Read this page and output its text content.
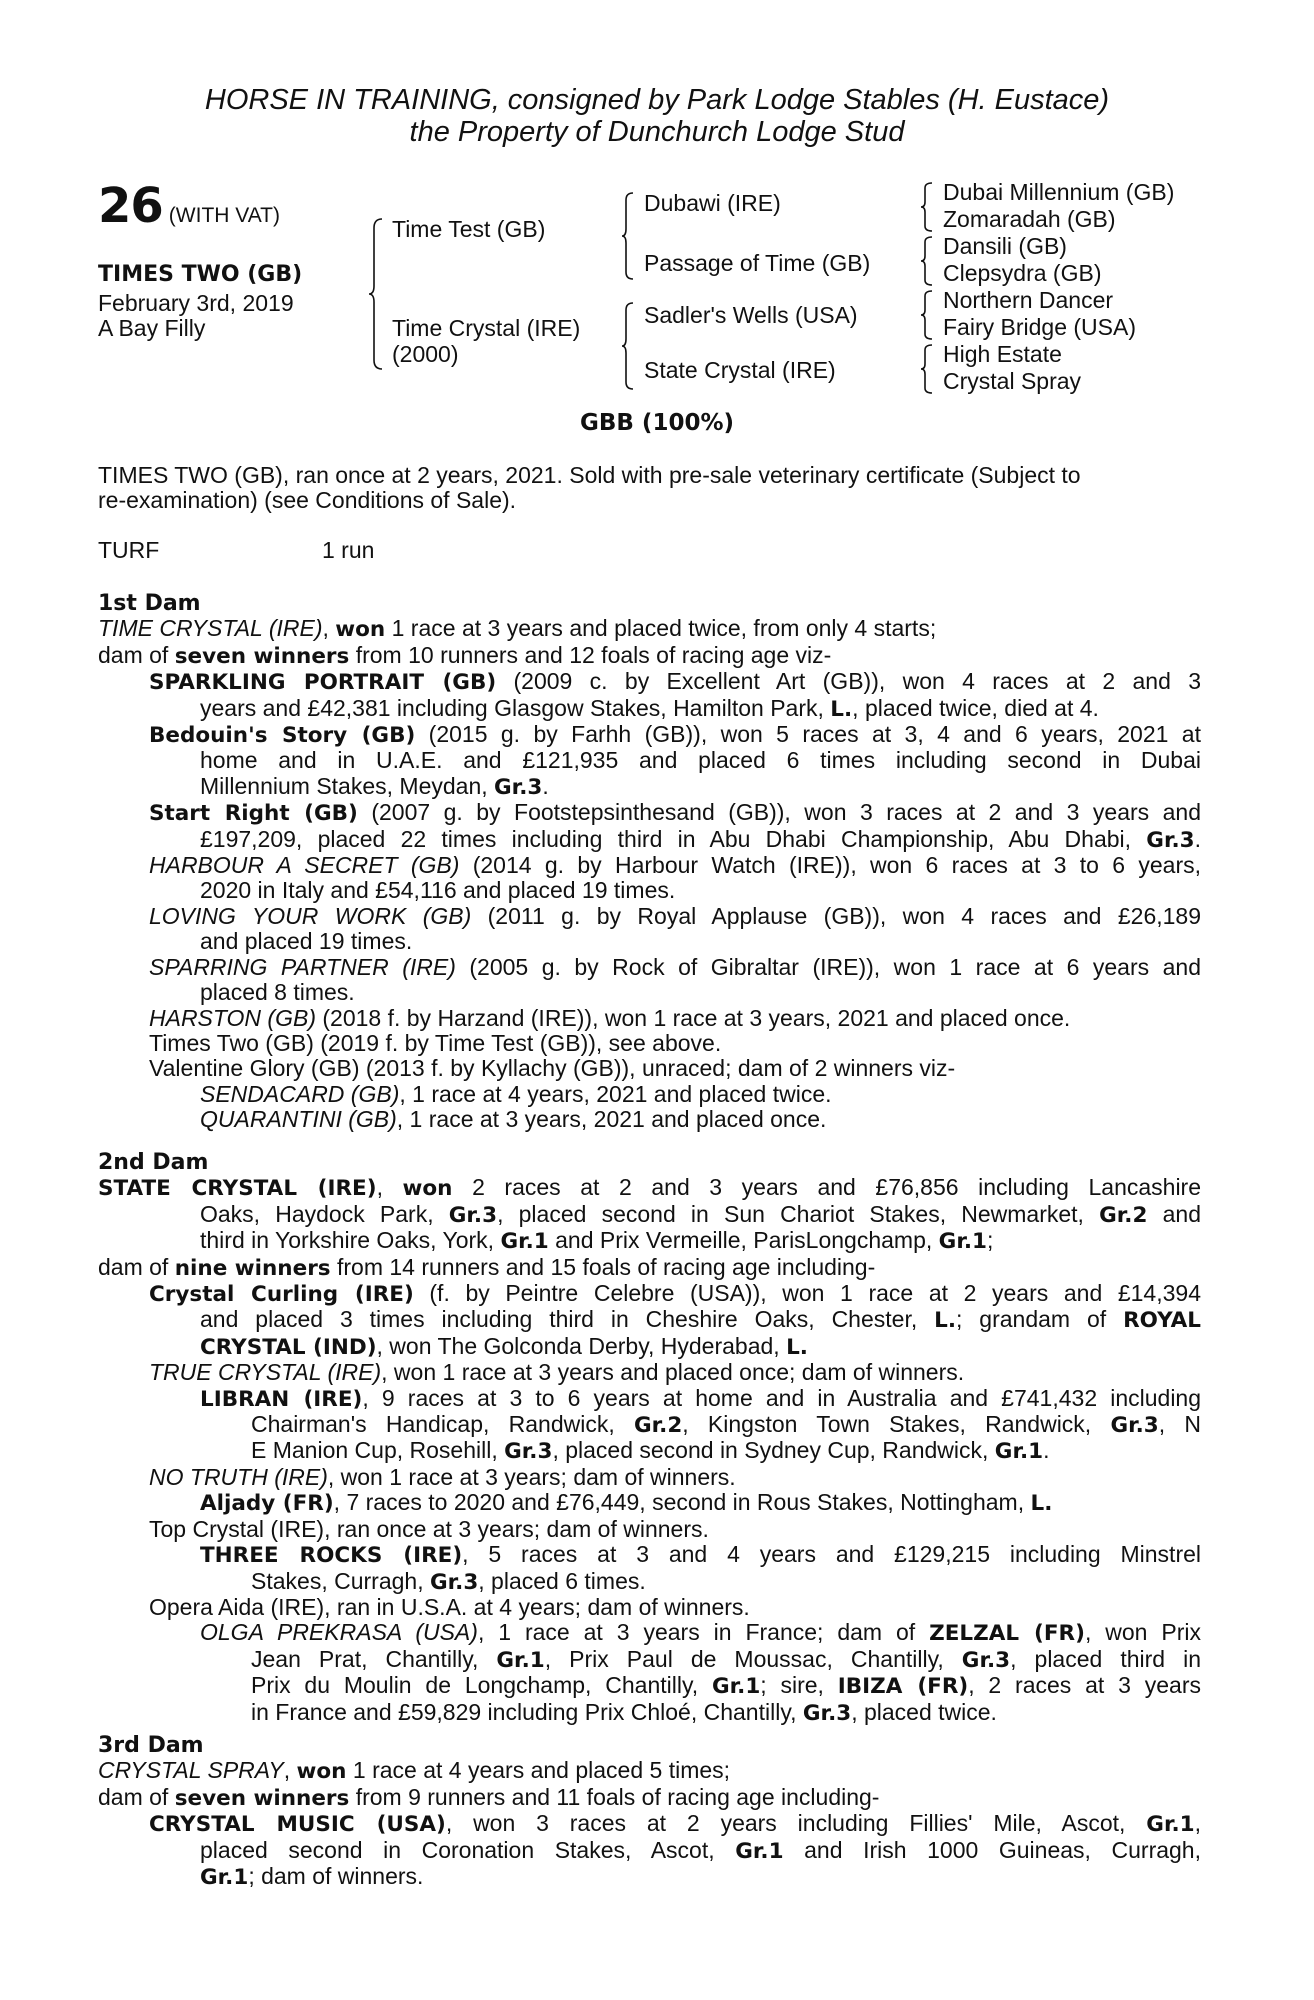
HORSE IN TRAINING, consigned by Park Lodge Stables (H. Eustace)
the Property of Dunchurch Lodge Stud
26 (WITH VAT)
TIMES TWO (GB)
February 3rd, 2019
A Bay Filly
Time Test (GB)
Time Crystal (IRE)
(2000)
Dubawi (IRE)
Passage of Time (GB)
Sadler's Wells (USA)
State Crystal (IRE)
Dubai Millennium (GB)
Zomaradah (GB)
Dansili (GB)
Clepsydra (GB)
Northern Dancer
Fairy Bridge (USA)
High Estate
Crystal Spray
GBB (100%)
TIMES TWO (GB), ran once at 2 years, 2021. Sold with pre-sale veterinary certificate (Subject to
re-examination) (see Conditions of Sale).
TURF	1 run
1st Dam
TIME CRYSTAL (IRE), won 1 race at 3 years and placed twice, from only 4 starts;
dam of seven winners from 10 runners and 12 foals of racing age viz-
SPARKLING PORTRAIT (GB) (2009 c. by Excellent Art (GB)), won 4 races at 2 and 3
years and £42,381 including Glasgow Stakes, Hamilton Park, L., placed twice, died at 4.
Bedouin's Story (GB) (2015 g. by Farhh (GB)), won 5 races at 3, 4 and 6 years, 2021 at
home and in U.A.E. and £121,935 and placed 6 times including second in Dubai
Millennium Stakes, Meydan, Gr.3.
Start Right (GB) (2007 g. by Footstepsinthesand (GB)), won 3 races at 2 and 3 years and
£197,209, placed 22 times including third in Abu Dhabi Championship, Abu Dhabi, Gr.3.
HARBOUR A SECRET (GB) (2014 g. by Harbour Watch (IRE)), won 6 races at 3 to 6 years,
2020 in Italy and £54,116 and placed 19 times.
LOVING YOUR WORK (GB) (2011 g. by Royal Applause (GB)), won 4 races and £26,189
and placed 19 times.
SPARRING PARTNER (IRE) (2005 g. by Rock of Gibraltar (IRE)), won 1 race at 6 years and
placed 8 times.
HARSTON (GB) (2018 f. by Harzand (IRE)), won 1 race at 3 years, 2021 and placed once.
Times Two (GB) (2019 f. by Time Test (GB)), see above.
Valentine Glory (GB) (2013 f. by Kyllachy (GB)), unraced; dam of 2 winners viz-
SENDACARD (GB), 1 race at 4 years, 2021 and placed twice.
QUARANTINI (GB), 1 race at 3 years, 2021 and placed once.
2nd Dam
STATE CRYSTAL (IRE), won 2 races at 2 and 3 years and £76,856 including Lancashire
Oaks, Haydock Park, Gr.3, placed second in Sun Chariot Stakes, Newmarket, Gr.2 and
third in Yorkshire Oaks, York, Gr.1 and Prix Vermeille, ParisLongchamp, Gr.1;
dam of nine winners from 14 runners and 15 foals of racing age including-
Crystal Curling (IRE) (f. by Peintre Celebre (USA)), won 1 race at 2 years and £14,394
and placed 3 times including third in Cheshire Oaks, Chester, L.; grandam of ROYAL
CRYSTAL (IND), won The Golconda Derby, Hyderabad, L.
TRUE CRYSTAL (IRE), won 1 race at 3 years and placed once; dam of winners.
LIBRAN (IRE), 9 races at 3 to 6 years at home and in Australia and £741,432 including
Chairman's Handicap, Randwick, Gr.2, Kingston Town Stakes, Randwick, Gr.3, N
E Manion Cup, Rosehill, Gr.3, placed second in Sydney Cup, Randwick, Gr.1.
NO TRUTH (IRE), won 1 race at 3 years; dam of winners.
Aljady (FR), 7 races to 2020 and £76,449, second in Rous Stakes, Nottingham, L.
Top Crystal (IRE), ran once at 3 years; dam of winners.
THREE ROCKS (IRE), 5 races at 3 and 4 years and £129,215 including Minstrel
Stakes, Curragh, Gr.3, placed 6 times.
Opera Aida (IRE), ran in U.S.A. at 4 years; dam of winners.
OLGA PREKRASA (USA), 1 race at 3 years in France; dam of ZELZAL (FR), won Prix
Jean Prat, Chantilly, Gr.1, Prix Paul de Moussac, Chantilly, Gr.3, placed third in
Prix du Moulin de Longchamp, Chantilly, Gr.1; sire, IBIZA (FR), 2 races at 3 years
in France and £59,829 including Prix Chloé, Chantilly, Gr.3, placed twice.
3rd Dam
CRYSTAL SPRAY, won 1 race at 4 years and placed 5 times;
dam of seven winners from 9 runners and 11 foals of racing age including-
CRYSTAL MUSIC (USA), won 3 races at 2 years including Fillies' Mile, Ascot, Gr.1,
placed second in Coronation Stakes, Ascot, Gr.1 and Irish 1000 Guineas, Curragh,
Gr.1; dam of winners.
